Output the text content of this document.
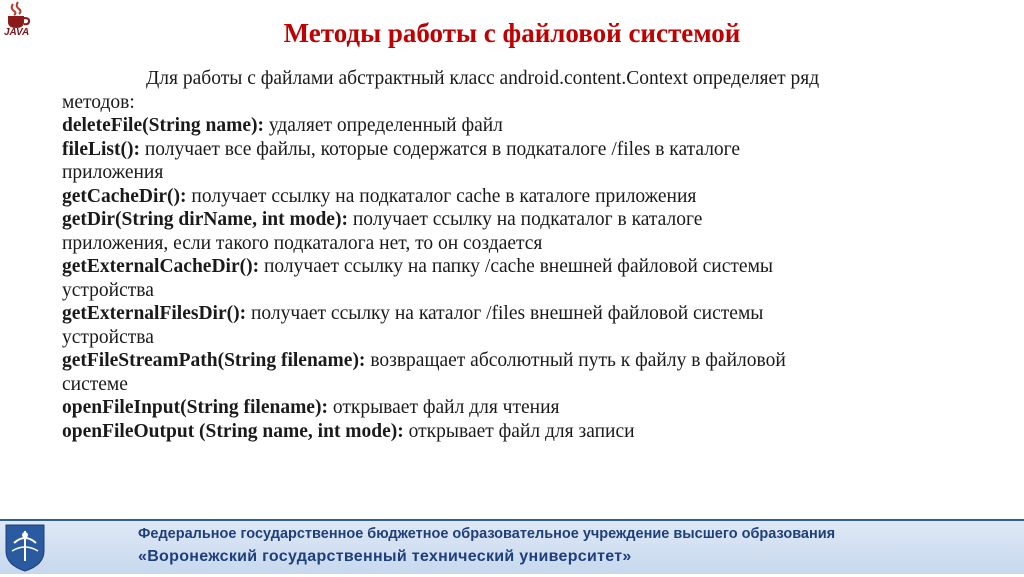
JAVA	Методы работы с файловой системой
Для работы с файлами абстрактный класс android.content.Context определяет ряд
методов:
deleteFile(String name): удаляет определенный файл
fileList(): получает все файлы, которые содержатся в подкаталоге /files в каталоге
приложения
getCacheDir(): получает ссылку на подкаталог cache в каталоге приложения
getDir(String dirName, int mode): получает ссылку на подкаталог в каталоге
приложения, если такого подкаталога нет, то он создается
getExternalCacheDir(): получает ссылку на папку /cache внешней файловой системы
устройства
getExternalFilesDir(): получает ссылку на каталог /files внешней файловой системы
устройства
getFileStreamPath(String filename): возвращает абсолютный путь к файлу в файловой
системе
openFileInput(String filename): открывает файл для чтения
openFileOutput (String name, int mode): открывает файл для записи
Федеральное государственное бюджетное образовательное учреждение высшего образования
«Воронежский государственный технический университет»
